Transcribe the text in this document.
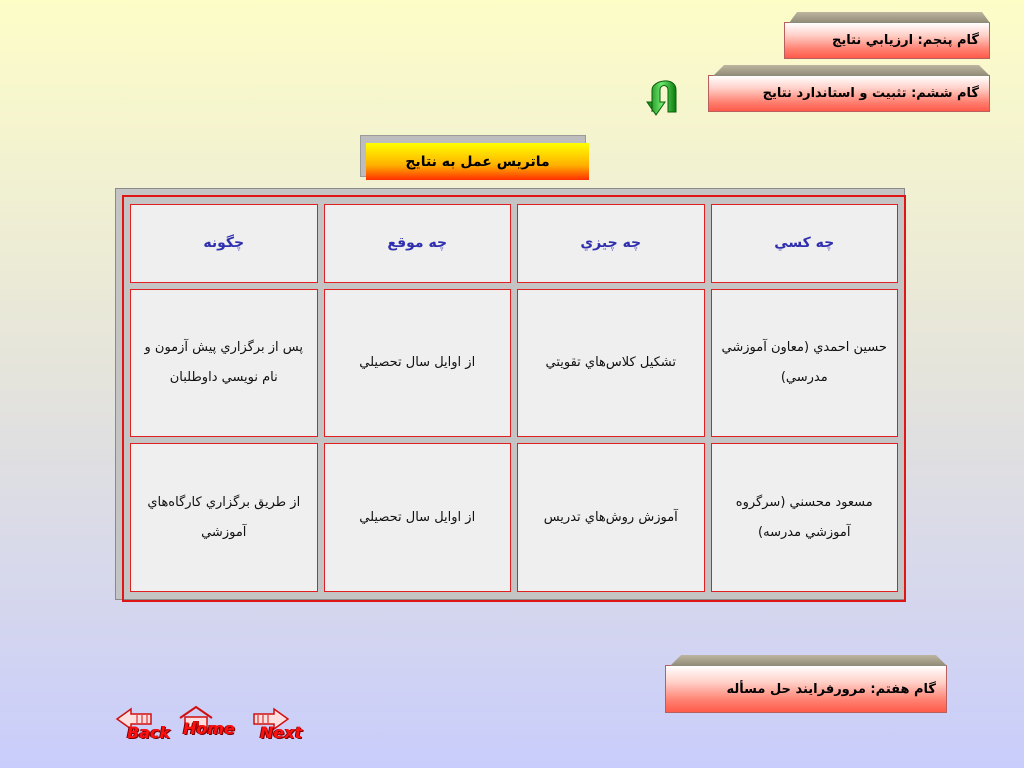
گام پنجم: ارزيابي نتايج
گام ششم: تثبيت و استاندارد نتايج
گام هفتم: مرورفرايند حل مسأله
ماتریس عمل به نتایج
چه کسي	چه چيزي	چه موقع	چگونه
حسین احمدي (معاون آموزشي مدرسي)	تشكيل كلاس‌هاي تقويتي	از اوايل سال تحصيلي	پس از برگزاري پيش آزمون و نام نويسي داوطلبان
مسعود محسني (سرگروه آموزشي مدرسه)	آموزش روش‌هاي تدريس	از اوايل سال تحصيلي	از طريق برگزاري كارگاه‌هاي آموزشي
Back Home Next
